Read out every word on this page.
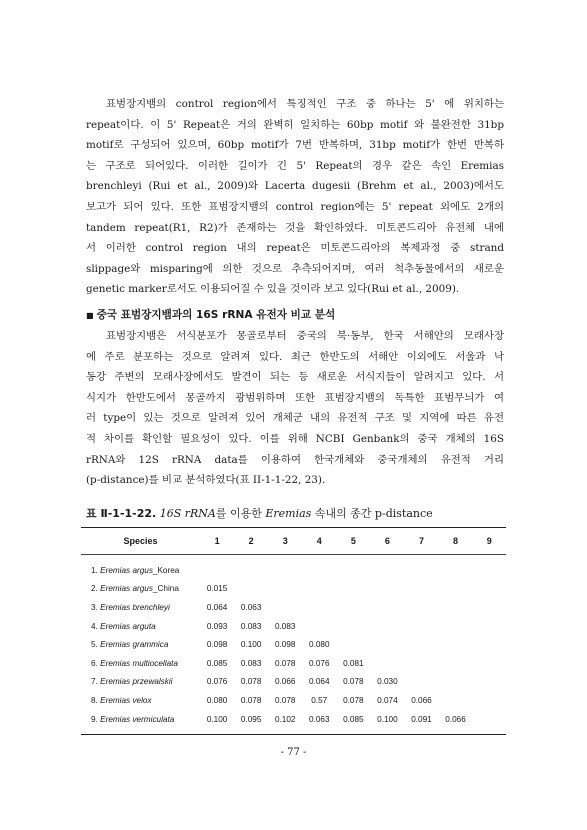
표범장지뱀의 control region에서 특징적인 구조 중 하나는 5' 에 위치하는
repeat이다. 이 5' Repeat은 거의 완벽히 일치하는 60bp motif 와 불완전한 31bp
motif로 구성되어 있으며, 60bp motif가 7번 반복하며, 31bp motif가 한번 반복하
는 구조로 되어있다. 이러한 길이가 긴 5' Repeat의 경우 같은 속인 Eremias
brenchleyi (Rui et al., 2009)와 Lacerta dugesii (Brehm et al., 2003)에서도
보고가 되어 있다. 또한 표범장지뱀의 control region에는 5' repeat 외에도 2개의
tandem repeat(R1, R2)가 존재하는 것을 확인하였다. 미토콘드리아 유전체 내에
서 이러한 control region 내의 repeat은 미토콘드리아의 복제과정 중 strand
slippage와 misparing에 의한 것으로 추측되어지며, 여러 척추동물에서의 새로운
genetic marker로서도 이용되어질 수 있을 것이라 보고 있다(Rui et al., 2009).
■ 중국 표범장지뱀과의 16S rRNA 유전자 비교 분석
표범장지뱀은 서식분포가 몽골로부터 중국의 북·동부, 한국 서해안의 모래사장
에 주로 분포하는 것으로 알려져 있다. 최근 한반도의 서해안 이외에도 서울과 낙
동강 주변의 모래사장에서도 발견이 되는 등 새로운 서식지들이 알려지고 있다. 서
식지가 한반도에서 몽골까지 광범위하며 또한 표범장지뱀의 독특한 표범무늬가 여
러 type이 있는 것으로 알려져 있어 개체군 내의 유전적 구조 및 지역에 따른 유전
적 차이를 확인할 필요성이 있다. 이를 위해 NCBI Genbank의 중국 개체의 16S
rRNA와 12S rRNA data를 이용하여 한국개체와 중국개체의 유전적 거리
(p-distance)를 비교 분석하였다(표 II-1-1-22, 23).
표 Ⅱ-1-1-22. 16S rRNA를 이용한 Eremias 속내의 종간 p-distance
Species	1	2	3	4	5	6	7	8	9
1. Eremias argus_Korea									
2. Eremias argus_China	0.015								
3. Eremias brenchleyi	0.064	0.063							
4. Eremias arguta	0.093	0.083	0.083						
5. Eremias grammica	0.098	0.100	0.098	0.080					
6. Eremias multiocellata	0.085	0.083	0.078	0.076	0.081				
7. Eremias przewalskii	0.076	0.078	0.066	0.064	0.078	0.030			
8. Eremias velox	0.080	0.078	0.078	0.57	0.078	0.074	0.066		
9. Eremias vermiculata	0.100	0.095	0.102	0.063	0.085	0.100	0.091	0.066	
- 77 -
